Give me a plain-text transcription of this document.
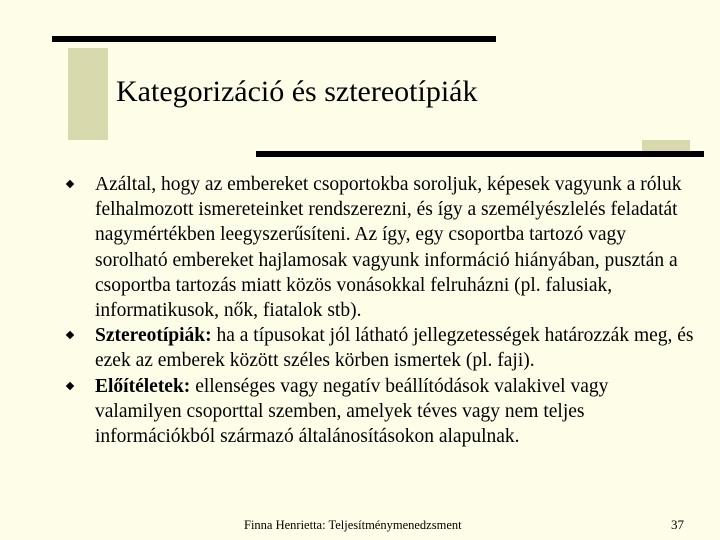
Kategorizáció és sztereotípiák
Azáltal, hogy az embereket csoportokba soroljuk, képesek vagyunk a róluk felhalmozott ismereteinket rendszerezni, és így a személyészlelés feladatát nagymértékben leegyszerűsíteni. Az így, egy csoportba tartozó vagy sorolható embereket hajlamosak vagyunk információ hiányában, pusztán a csoportba tartozás miatt közös vonásokkal felruházni (pl. falusiak, informatikusok, nők, fiatalok stb).
Sztereotípiák: ha a típusokat jól látható jellegzetességek határozzák meg, és ezek az emberek között széles körben ismertek (pl. faji).
Előítéletek: ellenséges vagy negatív beállítódások valakivel vagy valamilyen csoporttal szemben, amelyek téves vagy nem teljes információkból származó általánosításokon alapulnak.
Finna Henrietta: Teljesítménymenedzsment	37
